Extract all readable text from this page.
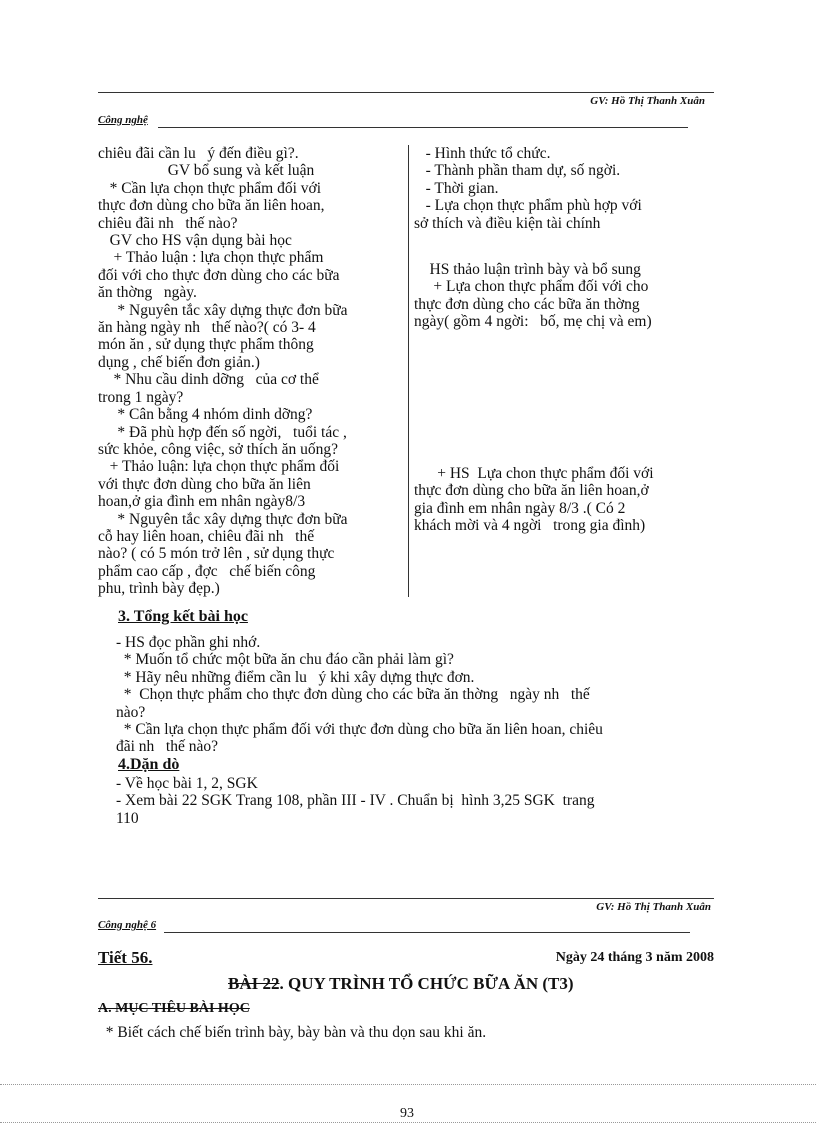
GV: Hồ Thị Thanh Xuân
Công nghệ
chiêu đãi cần lu   ý đến điều gì?.
GV bổ sung và kết luận
* Cần lựa chọn thực phẩm đối với
thực đơn dùng cho bữa ăn liên hoan,
chiêu đãi nh   thế nào?
GV cho HS vận dụng bài học
+ Thảo luận : lựa chọn thực phẩm
đối với cho thực đơn dùng cho các bữa
ăn thờng   ngày.
* Nguyên tắc xây dựng thực đơn bữa
ăn hàng ngày nh   thế nào?( có 3- 4
món ăn , sử dụng thực phẩm thông
dụng , chế biến đơn giản.)
* Nhu cầu dinh dỡng   của cơ thể
trong 1 ngày?
* Cân bằng 4 nhóm dinh dỡng?
* Đã phù hợp đến số ngời,   tuổi tác ,
sức khỏe, công việc, sở thích ăn uống?
+ Thảo luận: lựa chọn thực phẩm đối
với thực đơn dùng cho bữa ăn liên
hoan,ở gia đình em nhân ngày8/3
* Nguyên tắc xây dựng thực đơn bữa
cỗ hay liên hoan, chiêu đãi nh   thế
nào? ( có 5 món trở lên , sử dụng thực
phẩm cao cấp , đợc   chế biến công
phu, trình bày đẹp.)
- Hình thức tổ chức.
- Thành phần tham dự, số ngời.
- Thời gian.
- Lựa chọn thực phẩm phù hợp với
sở thích và điều kiện tài chính
HS thảo luận trình bày và bổ sung
+ Lựa chon thực phẩm đối với cho
thực đơn dùng cho các bữa ăn thờng
ngày( gồm 4 ngời:   bố, mẹ chị và em)
+ HS  Lựa chon thực phẩm đối với
thực đơn dùng cho bữa ăn liên hoan,ở
gia đình em nhân ngày 8/3 .( Có 2
khách mời và 4 ngời   trong gia đình)
3. Tổng kết bài học
- HS đọc phần ghi nhớ.
* Muốn tổ chức một bữa ăn chu đáo cần phải làm gì?
* Hãy nêu những điểm cần lu   ý khi xây dựng thực đơn.
*  Chọn thực phẩm cho thực đơn dùng cho các bữa ăn thờng   ngày nh   thế
nào?
* Cần lựa chọn thực phẩm đối với thực đơn dùng cho bữa ăn liên hoan, chiêu
đãi nh   thế nào?
4.Dặn dò
- Về học bài 1, 2, SGK
- Xem bài 22 SGK Trang 108, phần III - IV . Chuẩn bị  hình 3,25 SGK  trang
110
GV: Hồ Thị Thanh Xuân
Công nghệ 6
Tiết 56.	Ngày 24 tháng 3 năm 2008
BÀI 22. QUY TRÌNH TỔ CHỨC BỮA ĂN (T3)
A. MỤC TIÊU BÀI HỌC
* Biết cách chế biến trình bày, bày bàn và thu dọn sau khi ăn.
93
